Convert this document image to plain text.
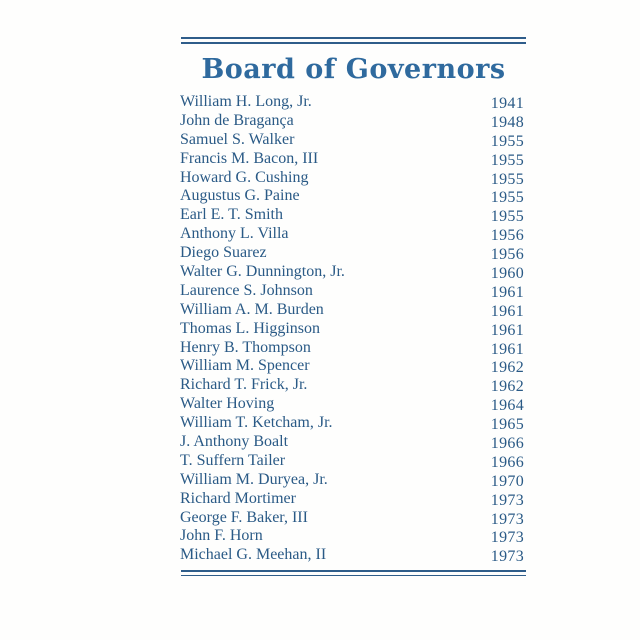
Board of Governors
William H. Long, Jr.	1941
John de Bragança	1948
Samuel S. Walker	1955
Francis M. Bacon, III	1955
Howard G. Cushing	1955
Augustus G. Paine	1955
Earl E. T. Smith	1955
Anthony L. Villa	1956
Diego Suarez	1956
Walter G. Dunnington, Jr.	1960
Laurence S. Johnson	1961
William A. M. Burden	1961
Thomas L. Higginson	1961
Henry B. Thompson	1961
William M. Spencer	1962
Richard T. Frick, Jr.	1962
Walter Hoving	1964
William T. Ketcham, Jr.	1965
J. Anthony Boalt	1966
T. Suffern Tailer	1966
William M. Duryea, Jr.	1970
Richard Mortimer	1973
George F. Baker, III	1973
John F. Horn	1973
Michael G. Meehan, II	1973
